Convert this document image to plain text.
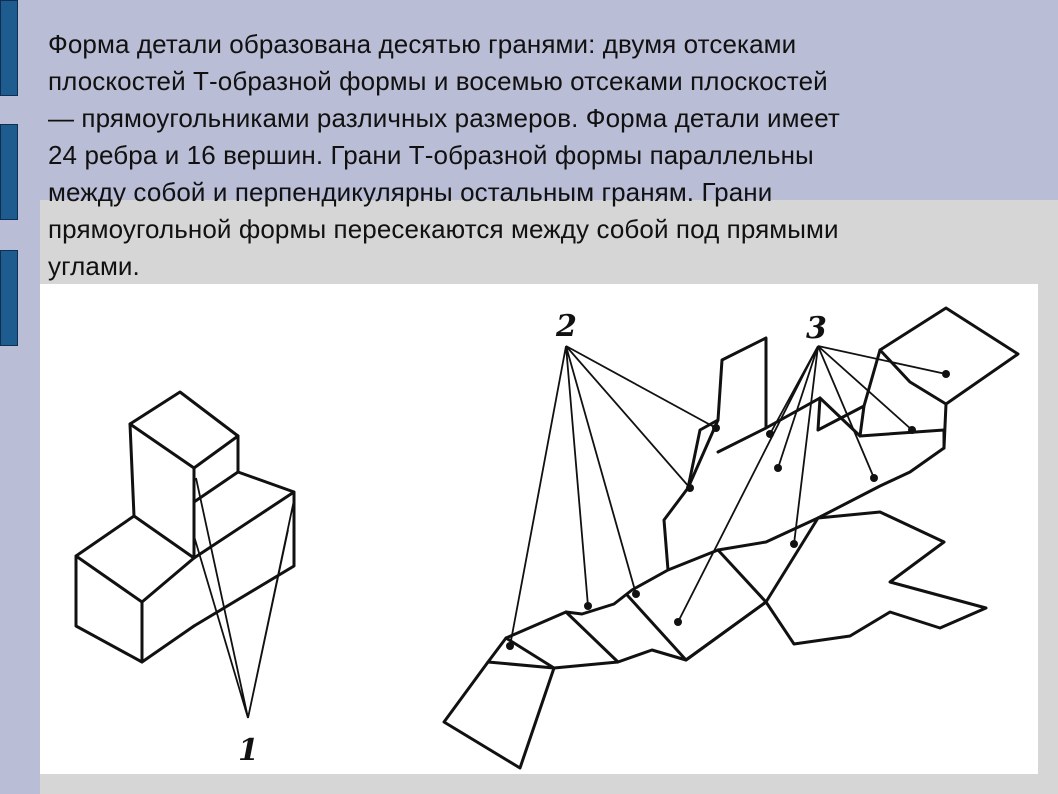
Форма детали образована десятью гранями: двумя отсеками
плоскостей Т-образной формы и восемью отсеками плоскостей
— прямоугольниками различных размеров. Форма детали имеет
24 ребра и 16 вершин. Грани Т-образной формы параллельны
между собой и перпендикулярны остальным граням. Грани
прямоугольной формы пересекаются между собой под прямыми
углами.

1
2	3
